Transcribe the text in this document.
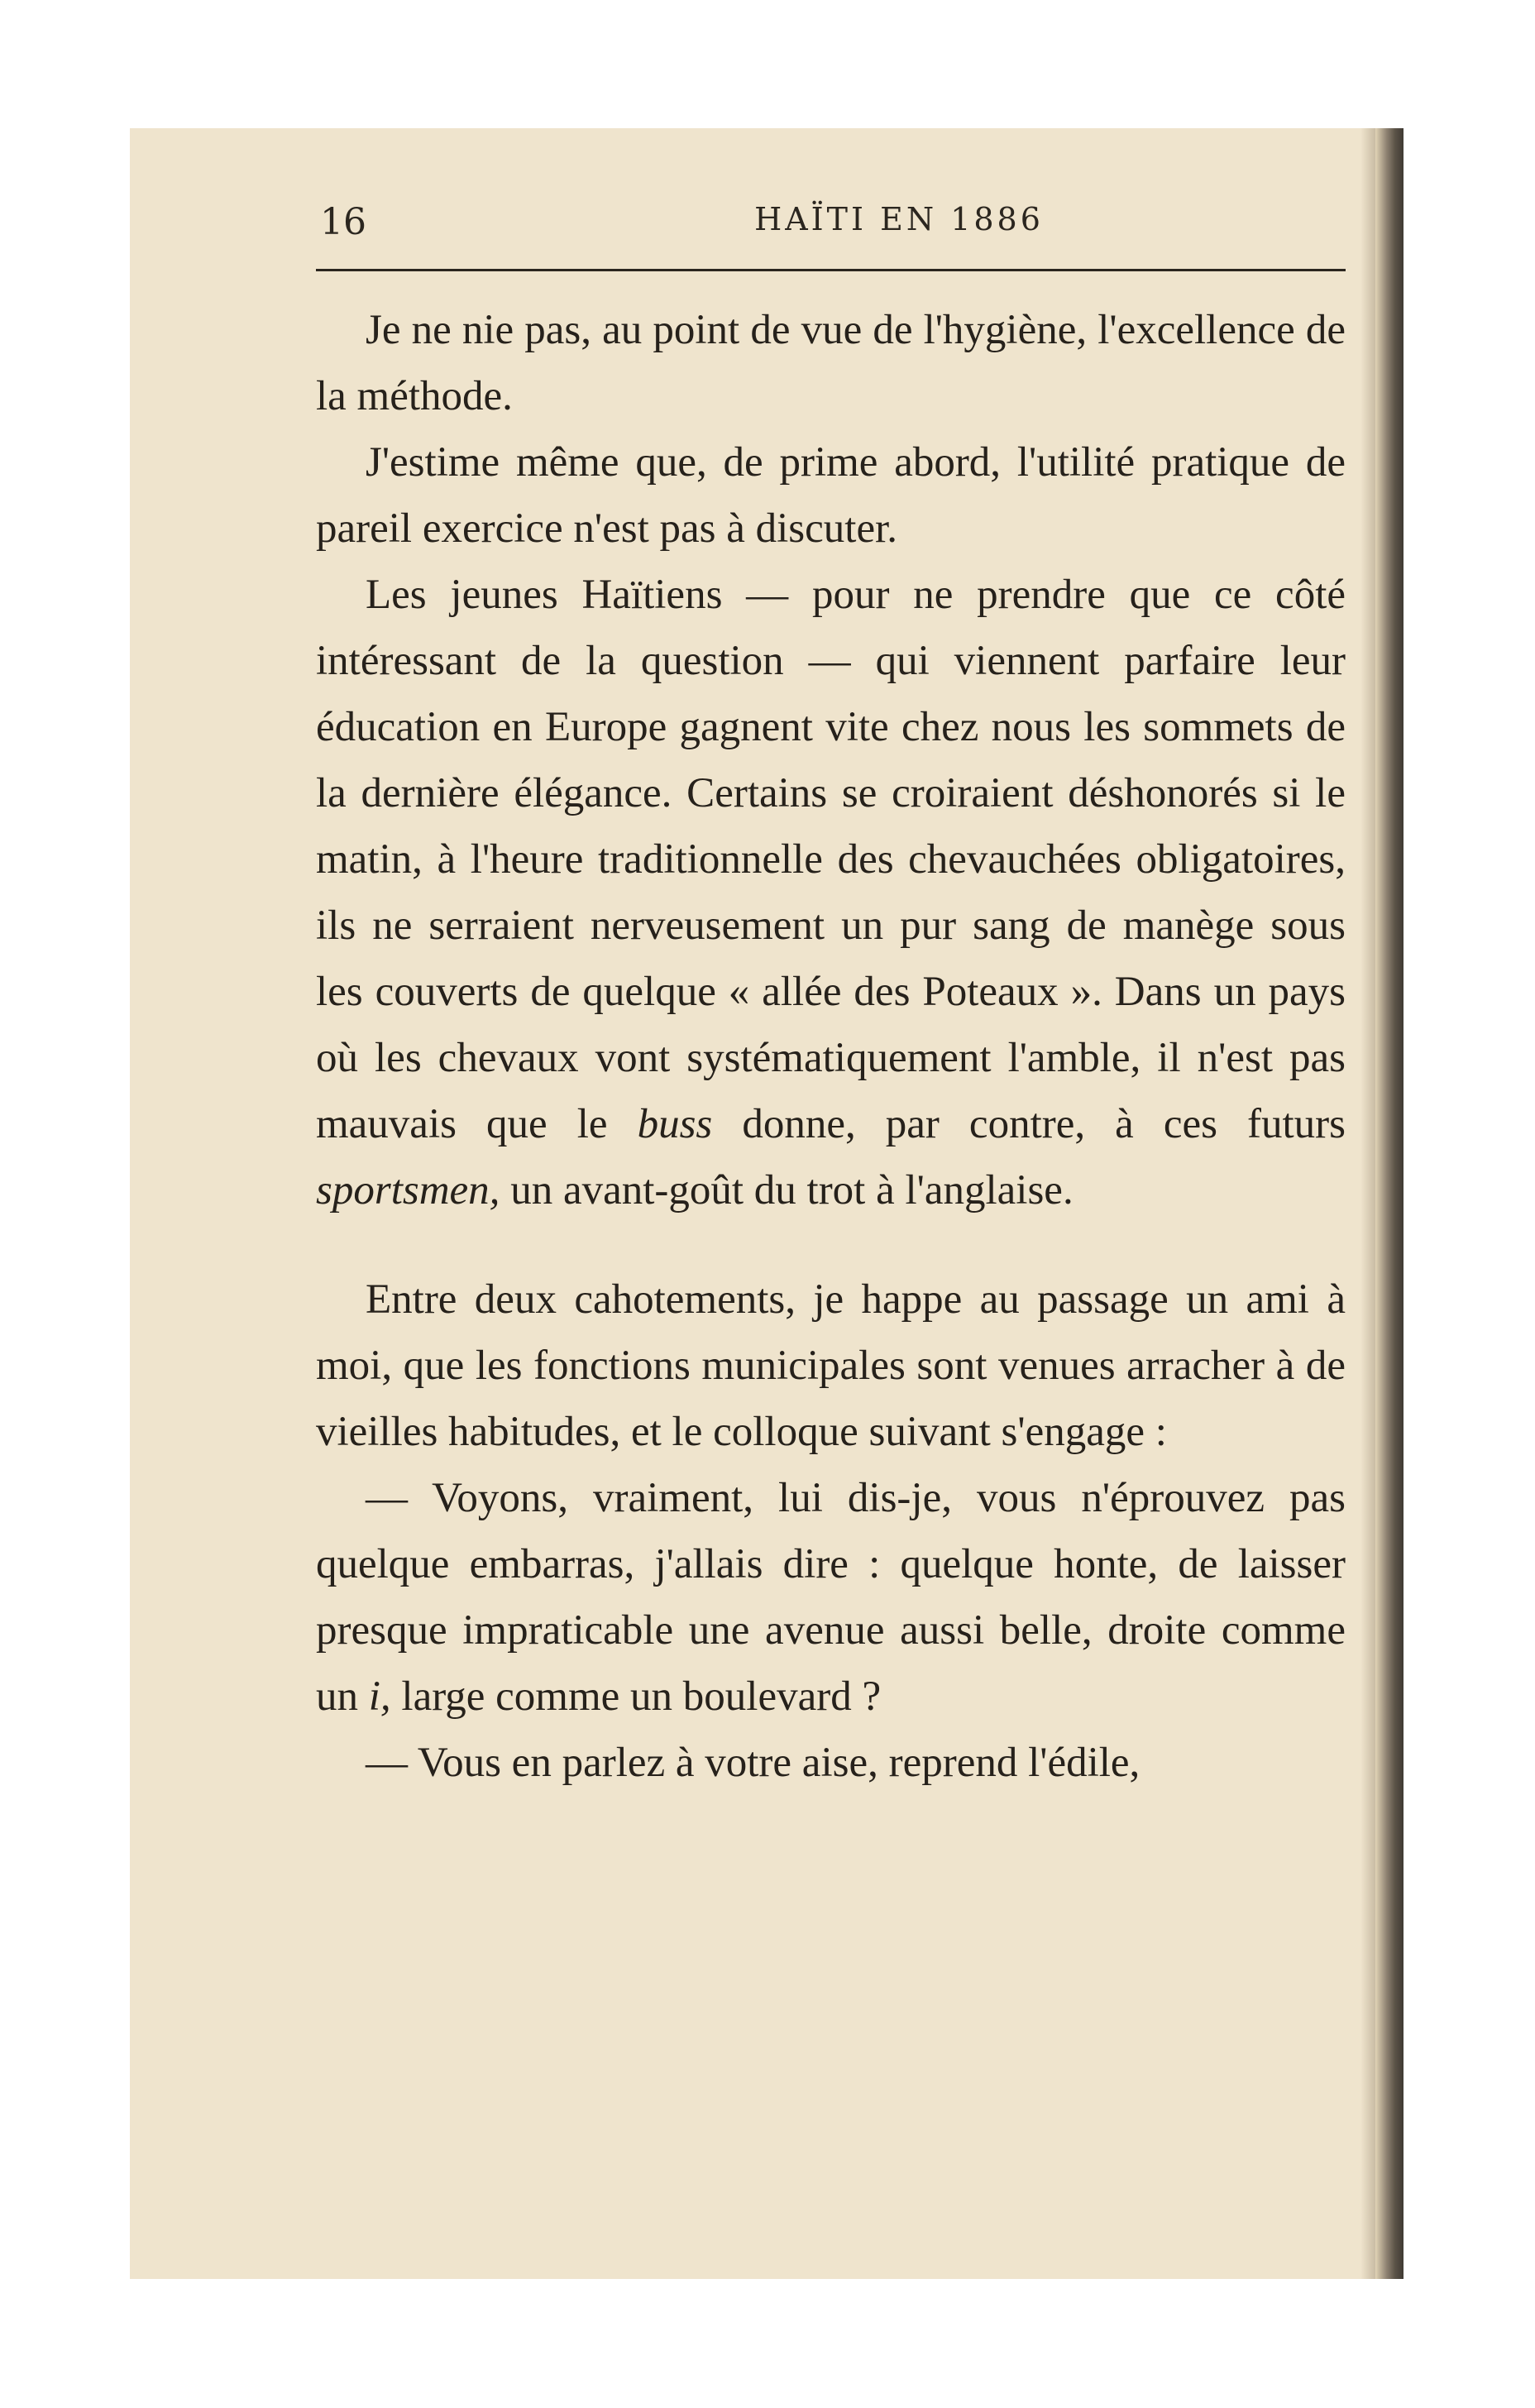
16	HAÏTI EN 1886

Je ne nie pas, au point de vue de l'hygiène, l'excellence de la méthode.

J'estime même que, de prime abord, l'utilité pratique de pareil exercice n'est pas à discuter.

Les jeunes Haïtiens — pour ne prendre que ce côté intéressant de la question — qui viennent parfaire leur éducation en Europe gagnent vite chez nous les sommets de la dernière élégance. Certains se croiraient déshonorés si le matin, à l'heure traditionnelle des chevauchées obligatoires, ils ne serraient nerveusement un pur sang de manège sous les couverts de quelque « allée des Poteaux ». Dans un pays où les chevaux vont systématiquement l'amble, il n'est pas mauvais que le buss donne, par contre, à ces futurs sportsmen, un avant-goût du trot à l'anglaise.

Entre deux cahotements, je happe au passage un ami à moi, que les fonctions municipales sont venues arracher à de vieilles habitudes, et le colloque suivant s'engage :

— Voyons, vraiment, lui dis-je, vous n'éprouvez pas quelque embarras, j'allais dire : quelque honte, de laisser presque impraticable une avenue aussi belle, droite comme un i, large comme un boulevard ?

— Vous en parlez à votre aise, reprend l'édile,
